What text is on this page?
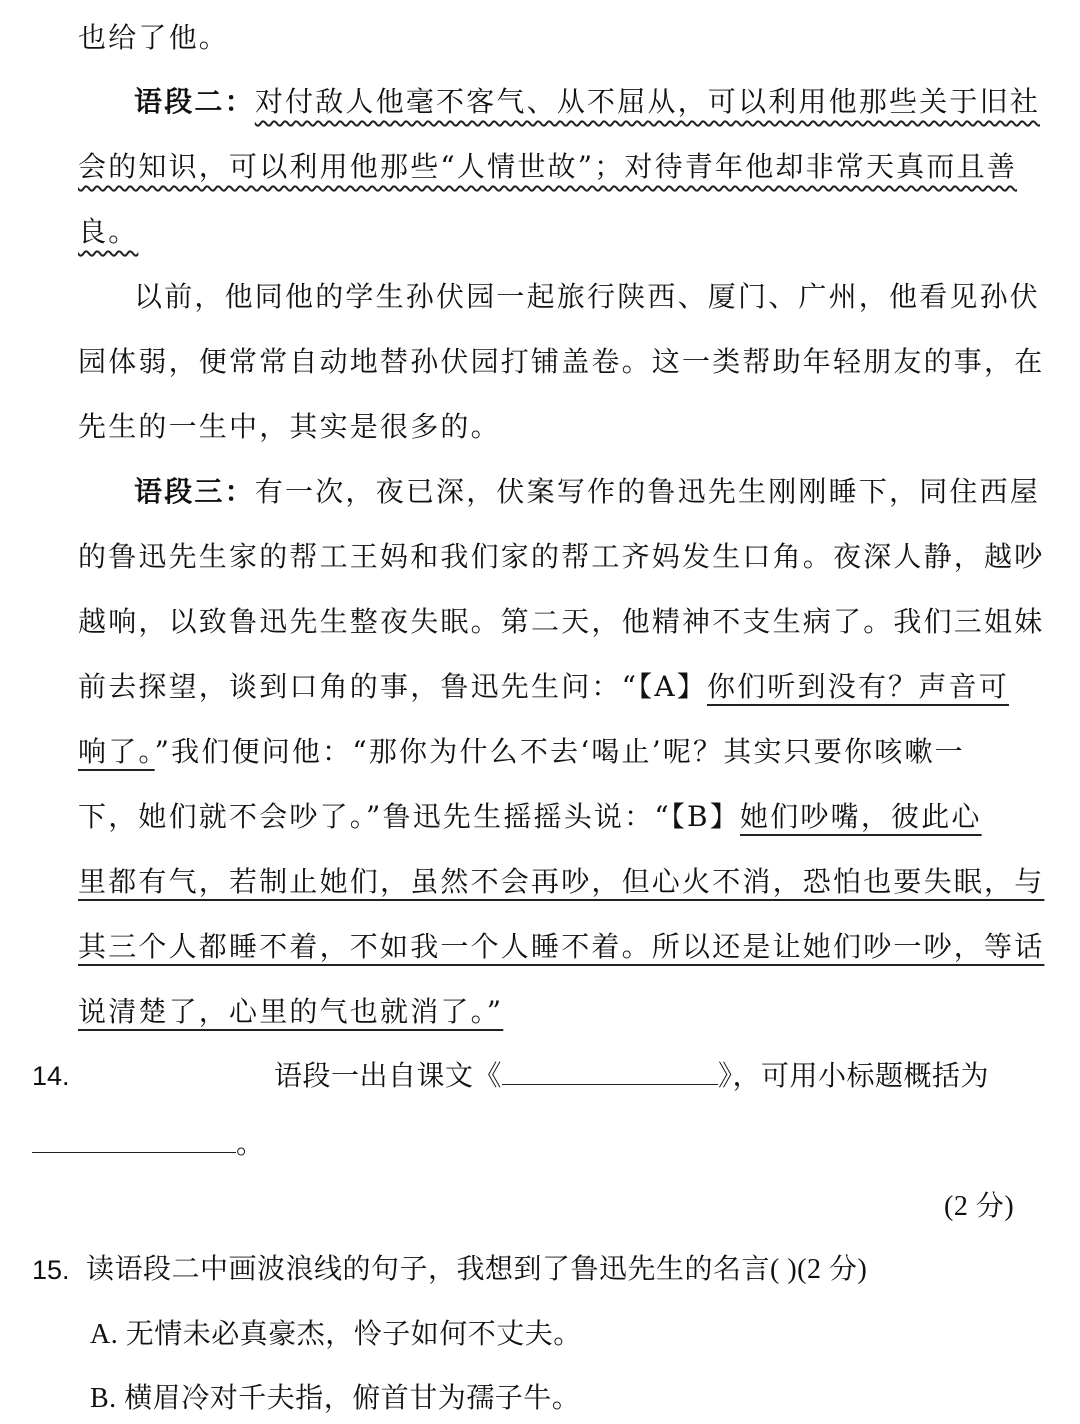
也给了他。
语段二：对付敌人他毫不客气、从不屈从，可以利用他那些关于旧社
会的知识，可以利用他那些“人情世故”；对待青年他却非常天真而且善
良。
以前，他同他的学生孙伏园一起旅行陕西、厦门、广州，他看见孙伏
园体弱，便常常自动地替孙伏园打铺盖卷。这一类帮助年轻朋友的事，在
先生的一生中，其实是很多的。
语段三：有一次，夜已深，伏案写作的鲁迅先生刚刚睡下，同住西屋
的鲁迅先生家的帮工王妈和我们家的帮工齐妈发生口角。夜深人静，越吵
越响，以致鲁迅先生整夜失眠。第二天，他精神不支生病了。我们三姐妹
前去探望，谈到口角的事，鲁迅先生问：“【A】你们听到没有？声音可
响了。”我们便问他：“那你为什么不去‘喝止’呢？其实只要你咳嗽一
下，她们就不会吵了。”鲁迅先生摇摇头说：“【B】她们吵嘴，彼此心
里都有气，若制止她们，虽然不会再吵，但心火不消，恐怕也要失眠，与
其三个人都睡不着，不如我一个人睡不着。所以还是让她们吵一吵，等话
说清楚了，心里的气也就消了。”
14.	语段一出自课文《	》，可用小标题概括为
。
(2 分)
15. 读语段二中画波浪线的句子，我想到了鲁迅先生的名言( )(2 分)
A. 无情未必真豪杰，怜子如何不丈夫。
B. 横眉冷对千夫指，俯首甘为孺子牛。
